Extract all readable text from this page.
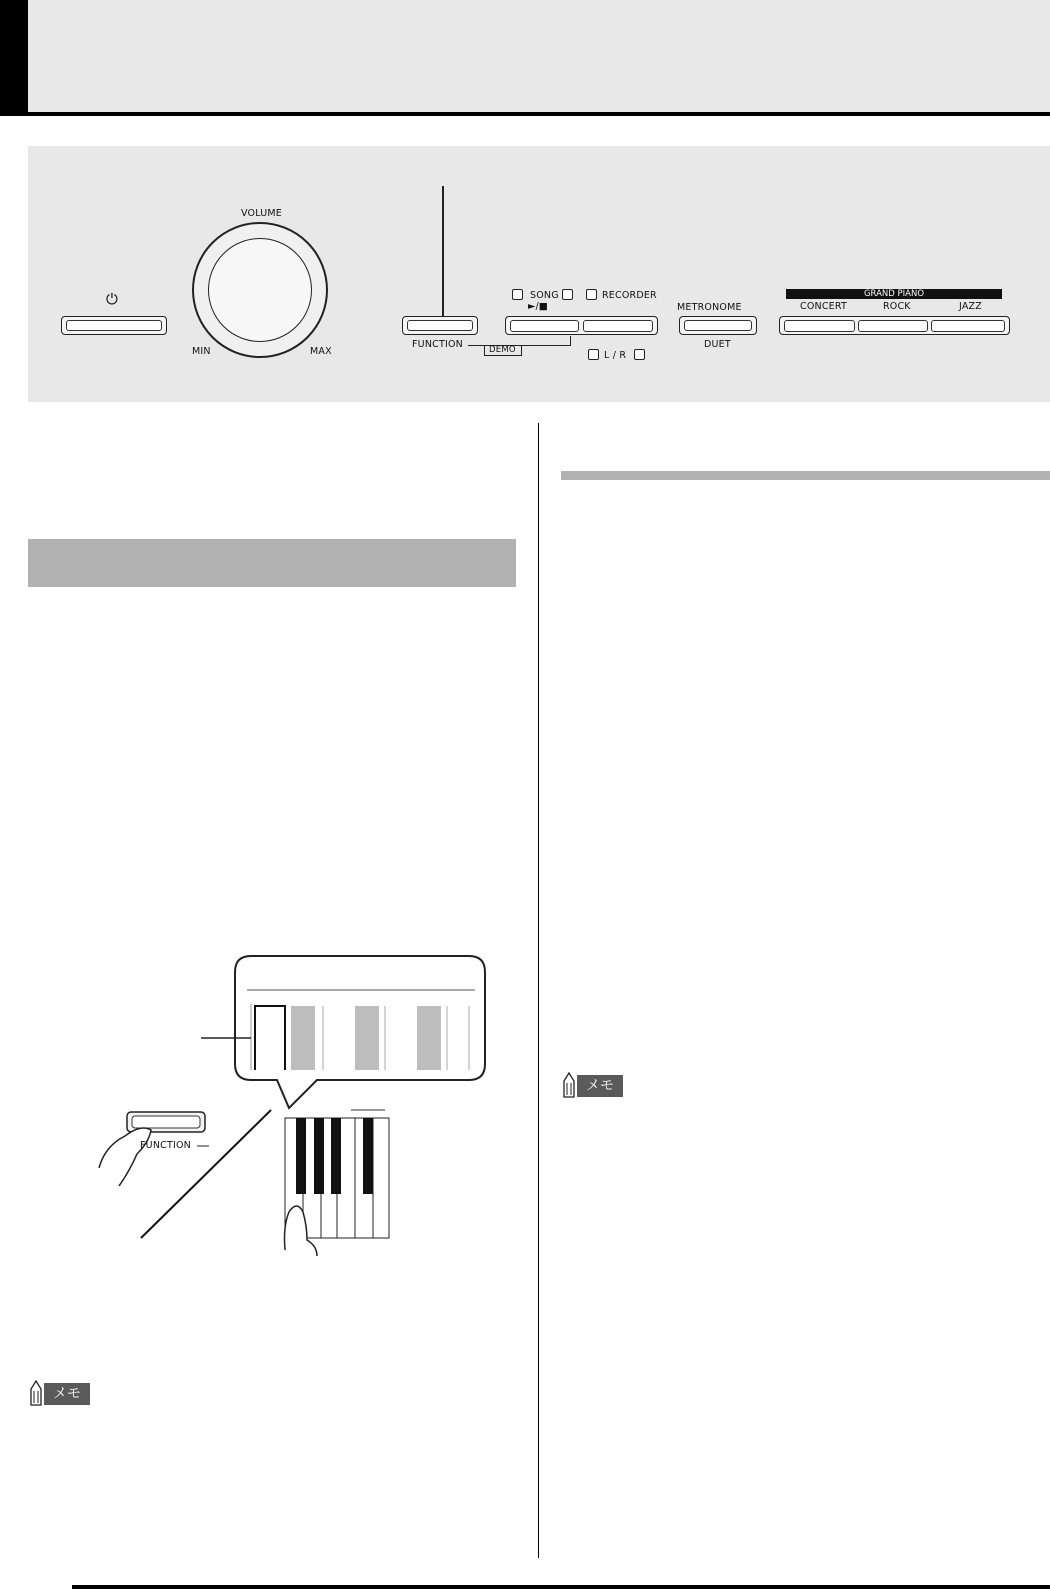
⏻
VOLUME
MIN	MAX
FUNCTION	DEMO
SONG
►/■
RECORDER
L / R
METRONOME
DUET
GRAND PIANO
CONCERT	ROCK	JAZZ
FUNCTION
メモ
メモ
